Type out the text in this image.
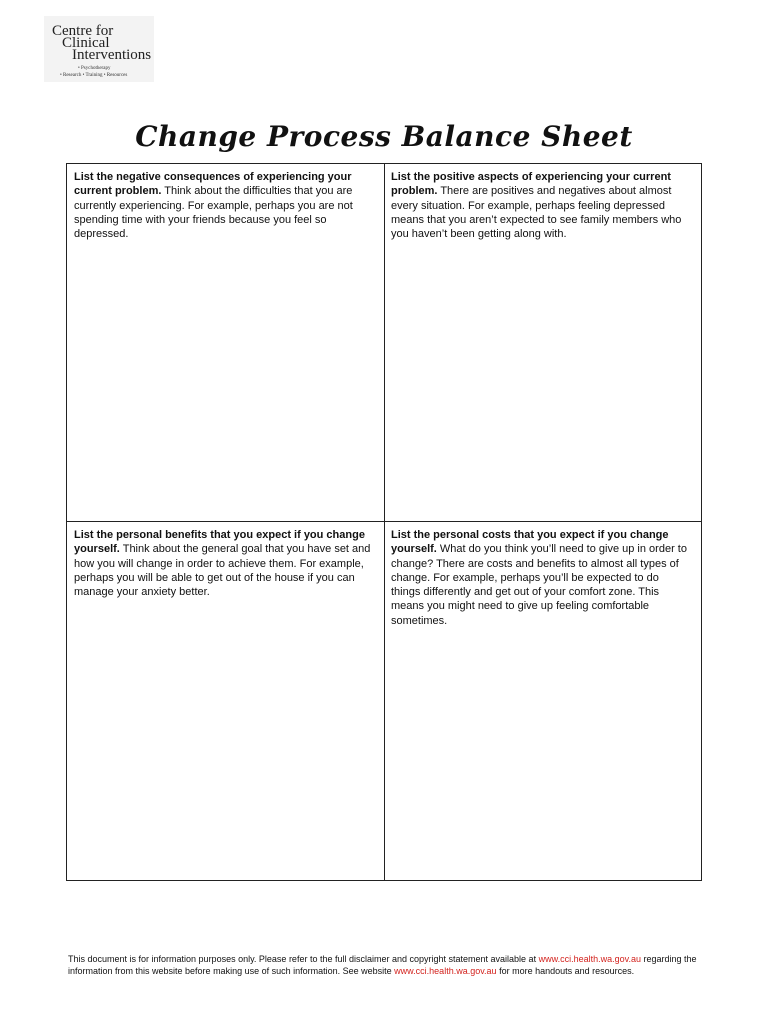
Centre for
Clinical
Interventions
• Psychotherapy
• Research • Training • Resources
Change Process Balance Sheet
List the negative consequences of experiencing your current problem. Think about the difficulties that you are currently experiencing. For example, perhaps you are not spending time with your friends because you feel so depressed.
List the positive aspects of experiencing your current problem. There are positives and negatives about almost every situation. For example, perhaps feeling depressed means that you aren’t expected to see family members who you haven’t been getting along with.
List the personal benefits that you expect if you change yourself. Think about the general goal that you have set and how you will change in order to achieve them. For example, perhaps you will be able to get out of the house if you can manage your anxiety better.
List the personal costs that you expect if you change yourself. What do you think you’ll need to give up in order to change? There are costs and benefits to almost all types of change. For example, perhaps you’ll be expected to do things differently and get out of your comfort zone. This means you might need to give up feeling comfortable sometimes.
This document is for information purposes only. Please refer to the full disclaimer and copyright statement available at www.cci.health.wa.gov.au regarding the information from this website before making use of such information. See website www.cci.health.wa.gov.au for more handouts and resources.
